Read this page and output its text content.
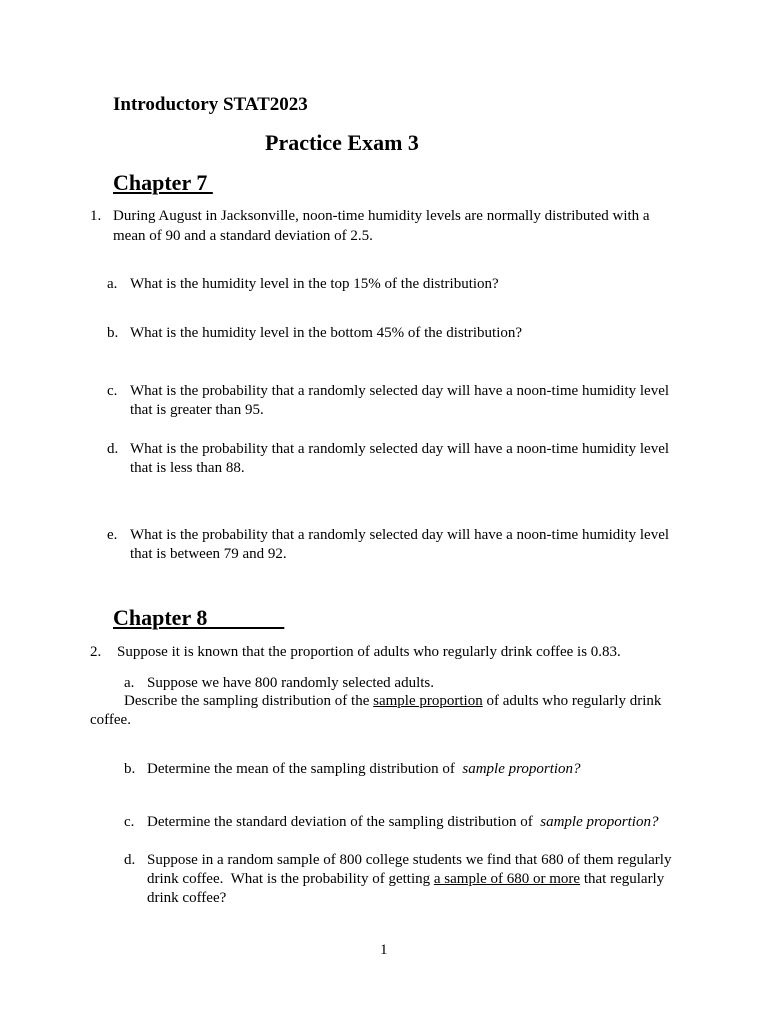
Introductory STAT2023
Practice Exam 3
Chapter 7
1. During August in Jacksonville, noon-time humidity levels are normally distributed with a
mean of 90 and a standard deviation of 2.5.
a. What is the humidity level in the top 15% of the distribution?
b. What is the humidity level in the bottom 45% of the distribution?
c. What is the probability that a randomly selected day will have a noon-time humidity level
that is greater than 95.
d. What is the probability that a randomly selected day will have a noon-time humidity level
that is less than 88.
e. What is the probability that a randomly selected day will have a noon-time humidity level
that is between 79 and 92.
Chapter 8
2. Suppose it is known that the proportion of adults who regularly drink coffee is 0.83.
a. Suppose we have 800 randomly selected adults.
Describe the sampling distribution of the sample proportion of adults who regularly drink
coffee.
b. Determine the mean of the sampling distribution of  sample proportion?
c. Determine the standard deviation of the sampling distribution of  sample proportion?
d. Suppose in a random sample of 800 college students we find that 680 of them regularly
drink coffee.  What is the probability of getting a sample of 680 or more that regularly
drink coffee?
1
